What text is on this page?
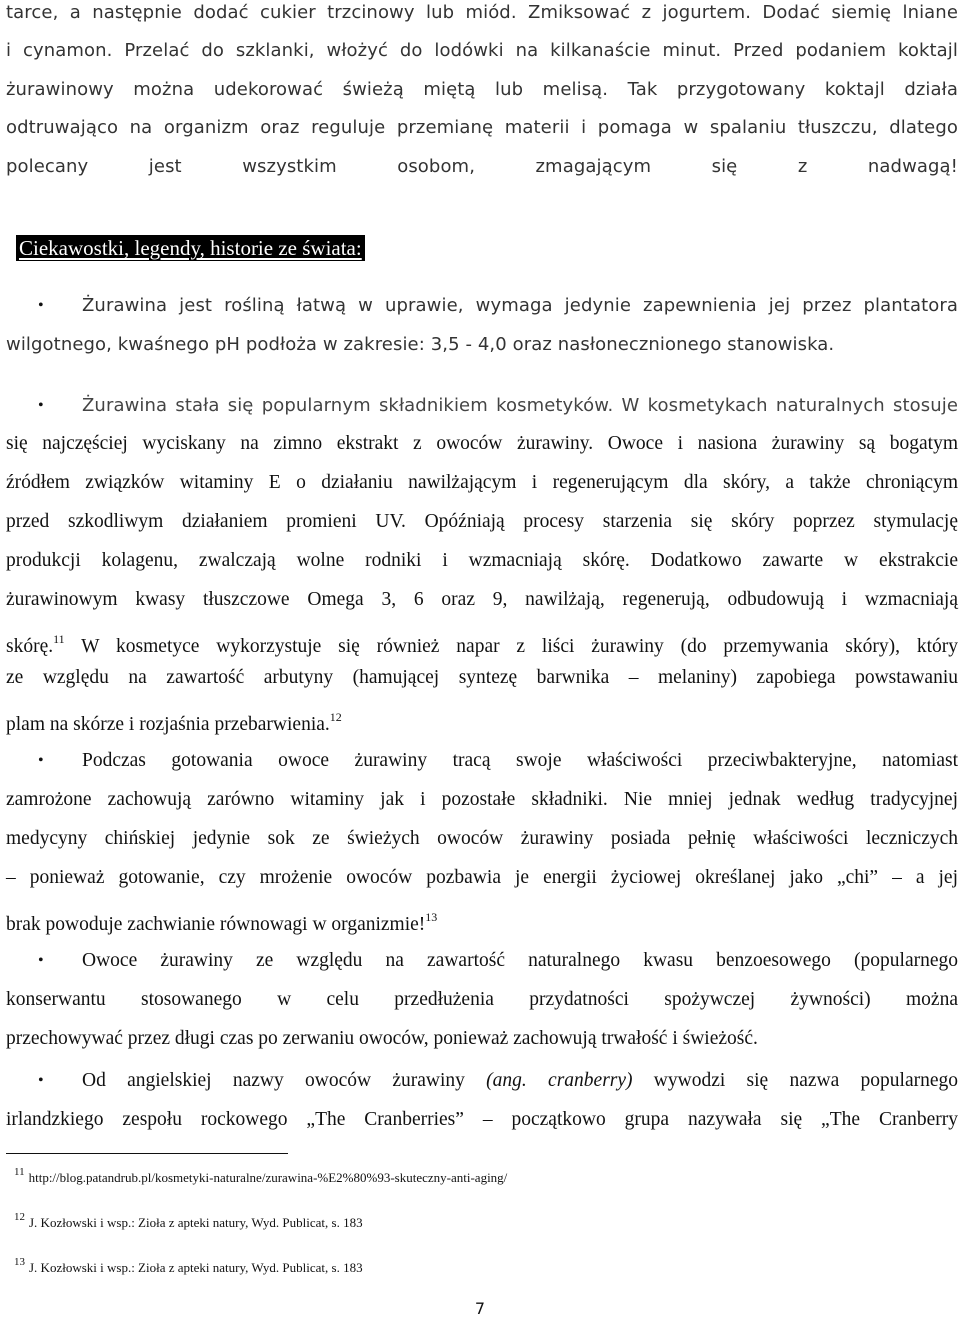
tarce, a następnie dodać cukier trzcinowy lub miód. Zmiksować z jogurtem. Dodać siemię lniane
i cynamon. Przelać do szklanki, włożyć do lodówki na kilkanaście minut. Przed podaniem koktajl
żurawinowy można udekorować świeżą miętą lub melisą. Tak przygotowany koktajl działa
odtruwająco na organizm oraz reguluje przemianę materii i pomaga w spalaniu tłuszczu, dlatego
polecany jest wszystkim osobom, zmagającym się z nadwagą!
Ciekawostki, legendy, historie ze świata:
• Żurawina jest rośliną łatwą w uprawie, wymaga jedynie zapewnienia jej przez plantatora
wilgotnego, kwaśnego pH podłoża w zakresie: 3,5 - 4,0 oraz nasłonecznionego stanowiska.
• Żurawina stała się popularnym składnikiem kosmetyków. W kosmetykach naturalnych stosuje
się najczęściej wyciskany na zimno ekstrakt z owoców żurawiny. Owoce i nasiona żurawiny są bogatym
źródłem związków witaminy E o działaniu nawilżającym i regenerującym dla skóry, a także chroniącym
przed szkodliwym działaniem promieni UV. Opóźniają procesy starzenia się skóry poprzez stymulację
produkcji kolagenu, zwalczają wolne rodniki i wzmacniają skórę. Dodatkowo zawarte w ekstrakcie
żurawinowym kwasy tłuszczowe Omega 3, 6 oraz 9, nawilżają, regenerują, odbudowują i wzmacniają
skórę.$^{11}$ W kosmetyce wykorzystuje się również napar z liści żurawiny (do przemywania skóry), który
ze względu na zawartość arbutyny (hamującej syntezę barwnika – melaniny) zapobiega powstawaniu
plam na skórze i rozjaśnia przebarwienia.$^{12}$
• Podczas gotowania owoce żurawiny tracą swoje właściwości przeciwbakteryjne, natomiast
zamrożone zachowują zarówno witaminy jak i pozostałe składniki. Nie mniej jednak według tradycyjnej
medycyny chińskiej jedynie sok ze świeżych owoców żurawiny posiada pełnię właściwości leczniczych
– ponieważ gotowanie, czy mrożenie owoców pozbawia je energii życiowej określanej jako „chi” – a jej
brak powoduje zachwianie równowagi w organizmie!$^{13}$
• Owoce żurawiny ze względu na zawartość naturalnego kwasu benzoesowego (popularnego
konserwantu stosowanego w celu przedłużenia przydatności spożywczej żywności) można
przechowywać przez długi czas po zerwaniu owoców, ponieważ zachowują trwałość i świeżość.
• Od angielskiej nazwy owoców żurawiny (ang. cranberry) wywodzi się nazwa popularnego
irlandzkiego zespołu rockowego „The Cranberries” – początkowo grupa nazywała się „The Cranberry
$^{11}$ http://blog.patandrub.pl/kosmetyki-naturalne/zurawina-%E2%80%93-skuteczny-anti-aging/
$^{12}$ J. Kozłowski i wsp.: Zioła z apteki natury, Wyd. Publicat, s. 183
$^{13}$ J. Kozłowski i wsp.: Zioła z apteki natury, Wyd. Publicat, s. 183
7
